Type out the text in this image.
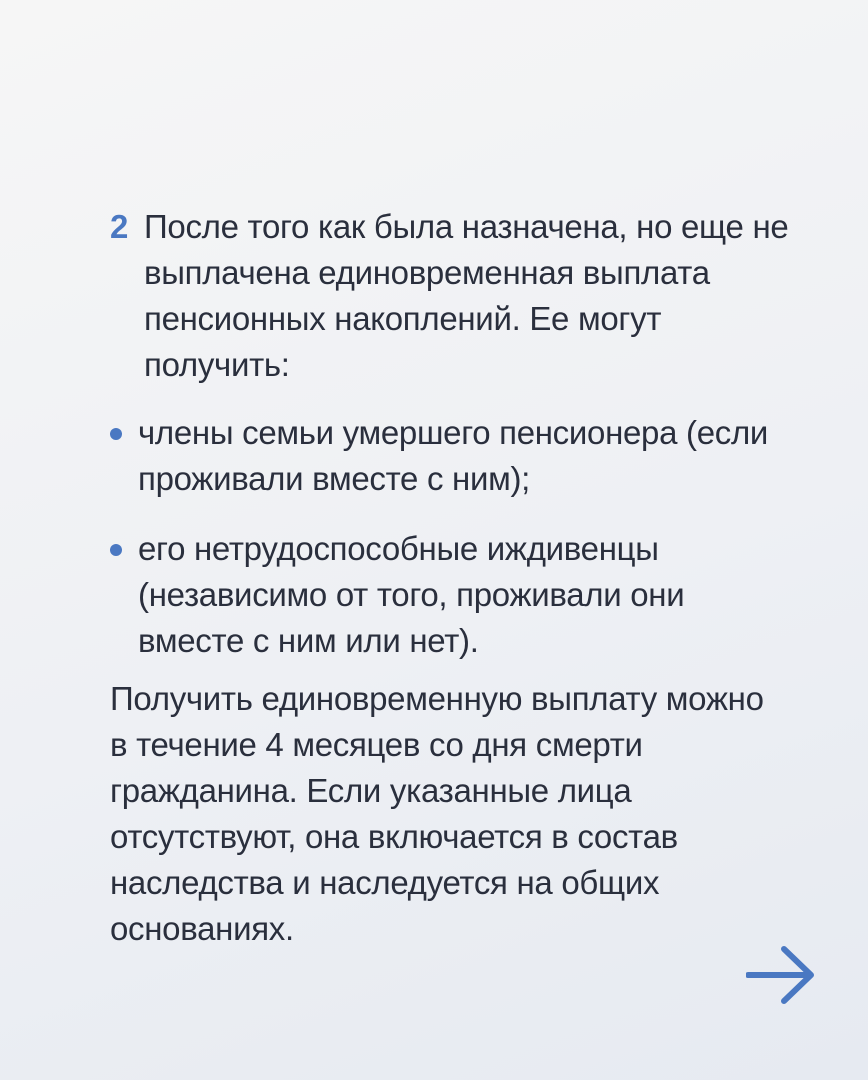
2 После того как была назначена, но еще не выплачена единовременная выплата пенсионных накоплений. Ее могут получить:

члены семьи умершего пенсионера (если проживали вместе с ним);
его нетрудоспособные иждивенцы (независимо от того, проживали они вместе с ним или нет).

Получить единовременную выплату можно в течение 4 месяцев со дня смерти гражданина. Если указанные лица отсутствуют, она включается в состав наследства и наследуется на общих основаниях.
